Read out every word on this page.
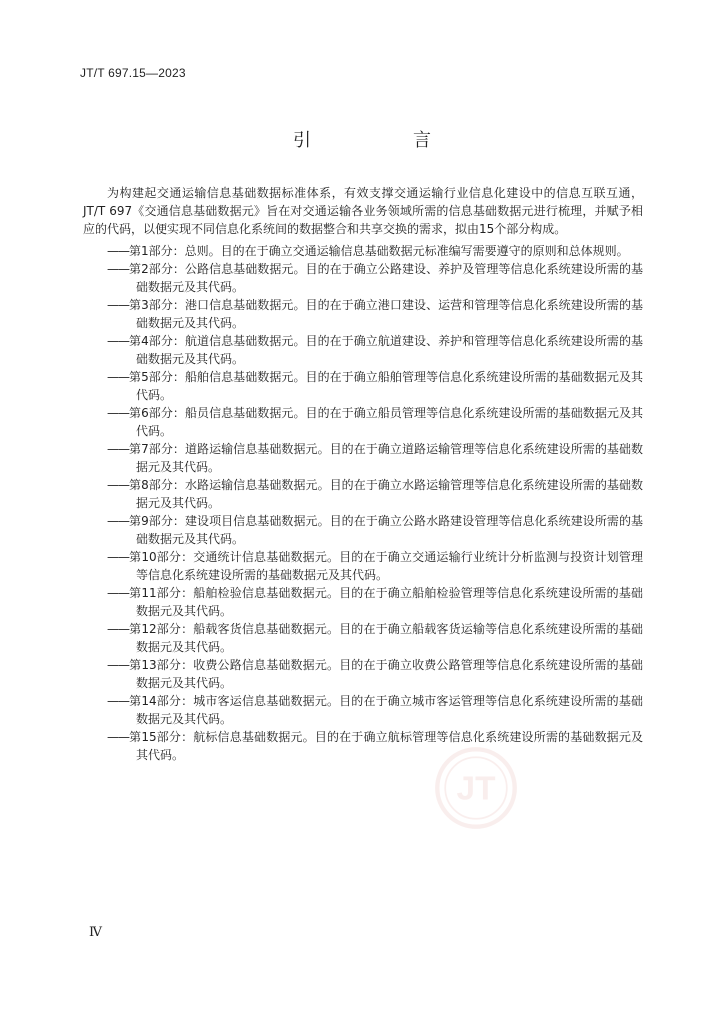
JT/T 697.15—2023
引　言

为构建起交通运输信息基础数据标准体系，有效支撑交通运输行业信息化建设中的信息互联互通，JT/T 697《交通信息基础数据元》旨在对交通运输各业务领域所需的信息基础数据元进行梳理，并赋予相应的代码，以便实现不同信息化系统间的数据整合和共享交换的需求，拟由15个部分构成。

——第1部分：总则。目的在于确立交通运输信息基础数据元标准编写需要遵守的原则和总体规则。
——第2部分：公路信息基础数据元。目的在于确立公路建设、养护及管理等信息化系统建设所需的基础数据元及其代码。
——第3部分：港口信息基础数据元。目的在于确立港口建设、运营和管理等信息化系统建设所需的基础数据元及其代码。
——第4部分：航道信息基础数据元。目的在于确立航道建设、养护和管理等信息化系统建设所需的基础数据元及其代码。
——第5部分：船舶信息基础数据元。目的在于确立船舶管理等信息化系统建设所需的基础数据元及其代码。
——第6部分：船员信息基础数据元。目的在于确立船员管理等信息化系统建设所需的基础数据元及其代码。
——第7部分：道路运输信息基础数据元。目的在于确立道路运输管理等信息化系统建设所需的基础数据元及其代码。
——第8部分：水路运输信息基础数据元。目的在于确立水路运输管理等信息化系统建设所需的基础数据元及其代码。
——第9部分：建设项目信息基础数据元。目的在于确立公路水路建设管理等信息化系统建设所需的基础数据元及其代码。
——第10部分：交通统计信息基础数据元。目的在于确立交通运输行业统计分析监测与投资计划管理等信息化系统建设所需的基础数据元及其代码。
——第11部分：船舶检验信息基础数据元。目的在于确立船舶检验管理等信息化系统建设所需的基础数据元及其代码。
——第12部分：船载客货信息基础数据元。目的在于确立船载客货运输等信息化系统建设所需的基础数据元及其代码。
——第13部分：收费公路信息基础数据元。目的在于确立收费公路管理等信息化系统建设所需的基础数据元及其代码。
——第14部分：城市客运信息基础数据元。目的在于确立城市客运管理等信息化系统建设所需的基础数据元及其代码。
——第15部分：航标信息基础数据元。目的在于确立航标管理等信息化系统建设所需的基础数据元及其代码。
JT
Ⅳ
